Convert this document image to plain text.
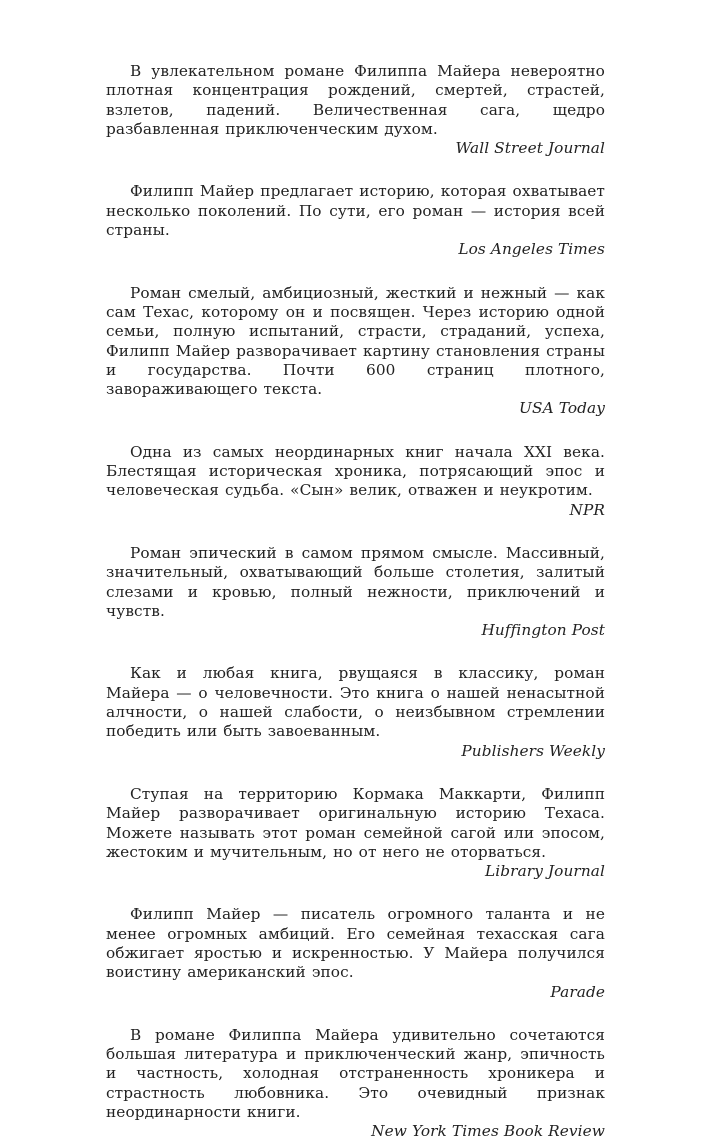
В увлекательном романе Филиппа Майера невероятно плотная концентрация рождений, смертей, страстей, взлетов, падений. Величественная сага, щедро разбавленная приключенческим духом.

Wall Street Journal

Филипп Майер предлагает историю, которая охватывает несколько поколений. По сути, его роман — история всей страны.

Los Angeles Times

Роман смелый, амбициозный, жесткий и нежный — как сам Техас, которому он и посвящен. Через историю одной семьи, полную испытаний, страсти, страданий, успеха, Филипп Майер разворачивает картину становления страны и государства. Почти 600 страниц плотного, завораживающего текста.

USA Today

Одна из самых неординарных книг начала XXI века. Блестящая историческая хроника, потрясающий эпос и человеческая судьба. «Сын» велик, отважен и неукротим.

NPR

Роман эпический в самом прямом смысле. Массивный, значительный, охватывающий больше столетия, залитый слезами и кровью, полный нежности, приключений и чувств.

Huffington Post

Как и любая книга, рвущаяся в классику, роман Майера — о человечности. Это книга о нашей ненасытной алчности, о нашей слабости, о неизбывном стремлении победить или быть завоеванным.

Publishers Weekly

Ступая на территорию Кормака Маккарти, Филипп Майер разворачивает оригинальную историю Техаса. Можете называть этот роман семейной сагой или эпосом, жестоким и мучительным, но от него не оторваться.

Library Journal

Филипп Майер — писатель огромного таланта и не менее огромных амбиций. Его семейная техасская сага обжигает яростью и искренностью. У Майера получился воистину американский эпос.

Parade

В романе Филиппа Майера удивительно сочетаются большая литература и приключенческий жанр, эпичность и частность, холодная отстраненность хроникера и страстность любовника. Это очевидный признак неординарности книги.

New York Times Book Review
